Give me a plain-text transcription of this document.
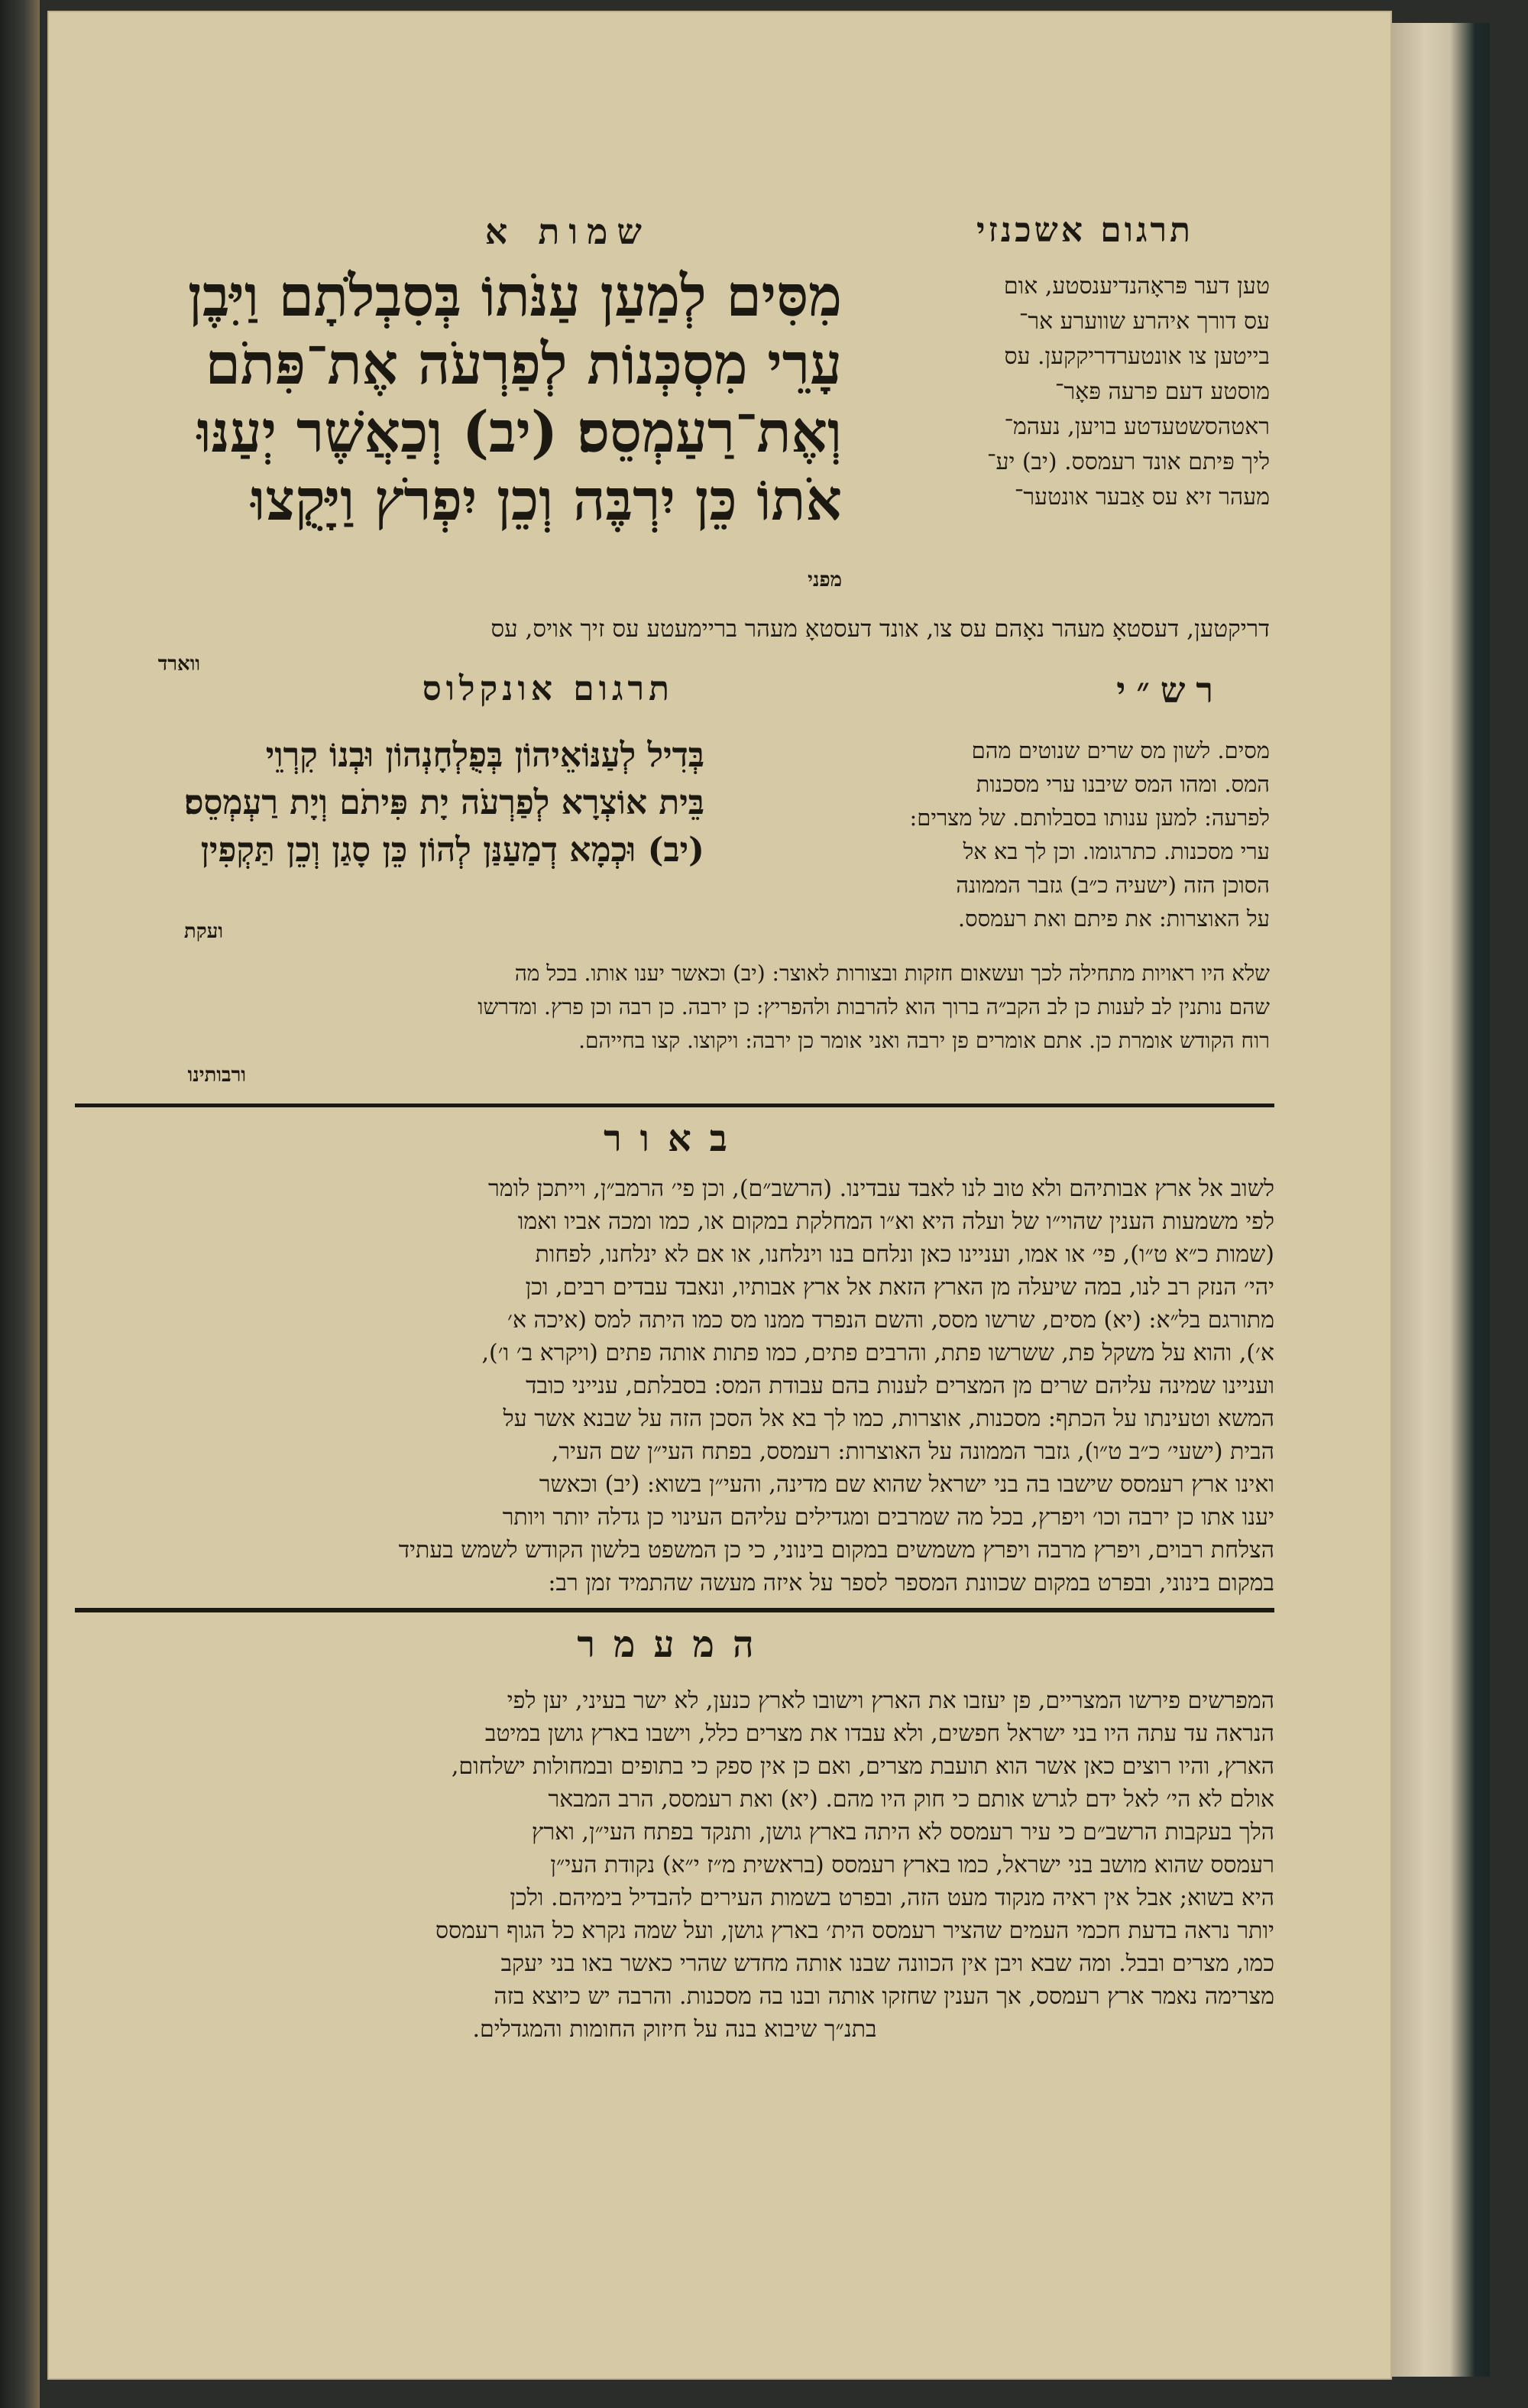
תרגום אשכנזי
שמות א
מִסִּים לְמַעַן עַנֹּתוֹ בְּסִבְלֹתָם וַיִּבֶן
עָרֵי מִסְכְּנוֹת לְפַרְעֹה אֶת־פִּתֹם
וְאֶת־רַעַמְסֵס׃ (יב) וְכַאֲשֶׁר יְעַנּוּ
אֹתוֹ כֵּן יִרְבֶּה וְכֵן יִפְרֹץ וַיָּקֻצוּ
מפני
טען דער פּראָהנדיענסטע, אום
עס דורך איהרע שווערע אר־
בייטען צו אונטערדריקקען. עס
מוסטע דעם פרעה פּאָר־
ראטהסשטעדטע בויען, נעהמ־
ליך פּיתם אונד רעמסס. (יב) יע־
מעהר זיא עס אַבער אונטער־
דריקטען, דעסטאָ מעהר נאָהם עס צו, אונד דעסטאָ מעהר בריימעטע עס זיך אויס, עס
ווארד
רש״י
תרגום אונקלוס
מסים. לשון מס שרים שנוטים מהם
המס. ומהו המס שיבנו ערי מסכנות
לפרעה: למען ענותו בסבלותם. של מצרים:
ערי מסכנות. כתרגומו. וכן לך בא אל
הסוכן הזה (ישעיה כ״ב) גזבר הממונה
על האוצרות: את פיתם ואת רעמסס.
בְּדִיל לְעַנּוֹאֵיהוֹן בְּפֻלְחָנְהוֹן וּבְנוֹ קִרְוֵי
בֵּית אוֹצְרָא לְפַרְעֹה יָת פִּיתֹם וְיָת רַעְמְסֵס׃
(יב) וּכְמָא דְמַעַנַּן לְהוֹן כֵּן סָגַן וְכֵן תַּקְפִין
ועקת
שלא היו ראויות מתחילה לכך ועשאום חזקות ובצורות לאוצר: (יב) וכאשר יענו אותו. בכל מה
שהם נותנין לב לענות כן לב הקב״ה ברוך הוא להרבות ולהפריץ: כן ירבה. כן רבה וכן פרץ. ומדרשו
רוח הקודש אומרת כן. אתם אומרים פן ירבה ואני אומר כן ירבה: ויקוצו. קצו בחייהם.
ורבותינו
באור
לשוב אל ארץ אבותיהם ולא טוב לנו לאבד עבדינו. (הרשב״ם), וכן פי׳ הרמב״ן, וייתכן לומר
לפי משמעות הענין שהוי״ו של ועלה היא וא״ו המחלקת במקום או, כמו ומכה אביו ואמו
(שמות כ״א ט״ו), פי׳ או אמו, ועניינו כאן ונלחם בנו וינלחנו, או אם לא ינלחנו, לפחות
יהי׳ הנזק רב לנו, במה שיעלה מן הארץ הזאת אל ארץ אבותיו, ונאבד עבדים רבים, וכן
מתורגם בל״א: (יא) מסים, שרשו מסס, והשם הנפרד ממנו מס כמו היתה למס (איכה א׳
א׳), והוא על משקל פת, ששרשו פתת, והרבים פתים, כמו פתות אותה פתים (ויקרא ב׳ ו׳),
ועניינו שמינה עליהם שרים מן המצרים לענות בהם עבודת המס: בסבלתם, ענייני כובד
המשא וטעינתו על הכתף: מסכנות, אוצרות, כמו לך בא אל הסכן הזה על שבנא אשר על
הבית (ישעי׳ כ״ב ט״ו), גזבר הממונה על האוצרות: רעמסס, בפתח העי״ן שם העיר,
ואינו ארץ רעמסס שישבו בה בני ישראל שהוא שם מדינה, והעי״ן בשוא: (יב) וכאשר
יענו אתו כן ירבה וכו׳ ויפרץ, בכל מה שמרבים ומגדילים עליהם העינוי כן גדלה יותר ויותר
הצלחת רבוים, ויפרץ מרבה ויפרץ משמשים במקום בינוני, כי כן המשפט בלשון הקודש לשמש בעתיד
במקום בינוני, ובפרט במקום שכוונת המספר לספר על איזה מעשה שהתמיד זמן רב:
המעמר
המפרשים פירשו המצריים, פן יעזבו את הארץ וישובו לארץ כנען, לא ישר בעיני, יען לפי
הנראה עד עתה היו בני ישראל חפשים, ולא עבדו את מצרים כלל, וישבו בארץ גושן במיטב
הארץ, והיו רוצים כאן אשר הוא תועבת מצרים, ואם כן אין ספק כי בתופים ובמחולות ישלחום,
אולם לא הי׳ לאל ידם לגרש אותם כי חוק היו מהם. (יא) ואת רעמסס, הרב המבאר
הלך בעקבות הרשב״ם כי עיר רעמסס לא היתה בארץ גושן, ותנקד בפתח העי״ן, וארץ
רעמסס שהוא מושב בני ישראל, כמו בארץ רעמסס (בראשית מ״ז י״א) נקודת העי״ן
היא בשוא; אבל אין ראיה מנקוד מעט הזה, ובפרט בשמות העירים להבדיל בימיהם. ולכן
יותר נראה בדעת חכמי העמים שהציר רעמסס הית׳ בארץ גושן, ועל שמה נקרא כל הגוף רעמסס
כמו, מצרים ובבל. ומה שבא ויבן אין הכוונה שבנו אותה מחדש שהרי כאשר באו בני יעקב
מצרימה נאמר ארץ רעמסס, אך הענין שחזקו אותה ובנו בה מסכנות. והרבה יש כיוצא בזה
בתנ״ך שיבוא בנה על חיזוק החומות והמגדלים.
